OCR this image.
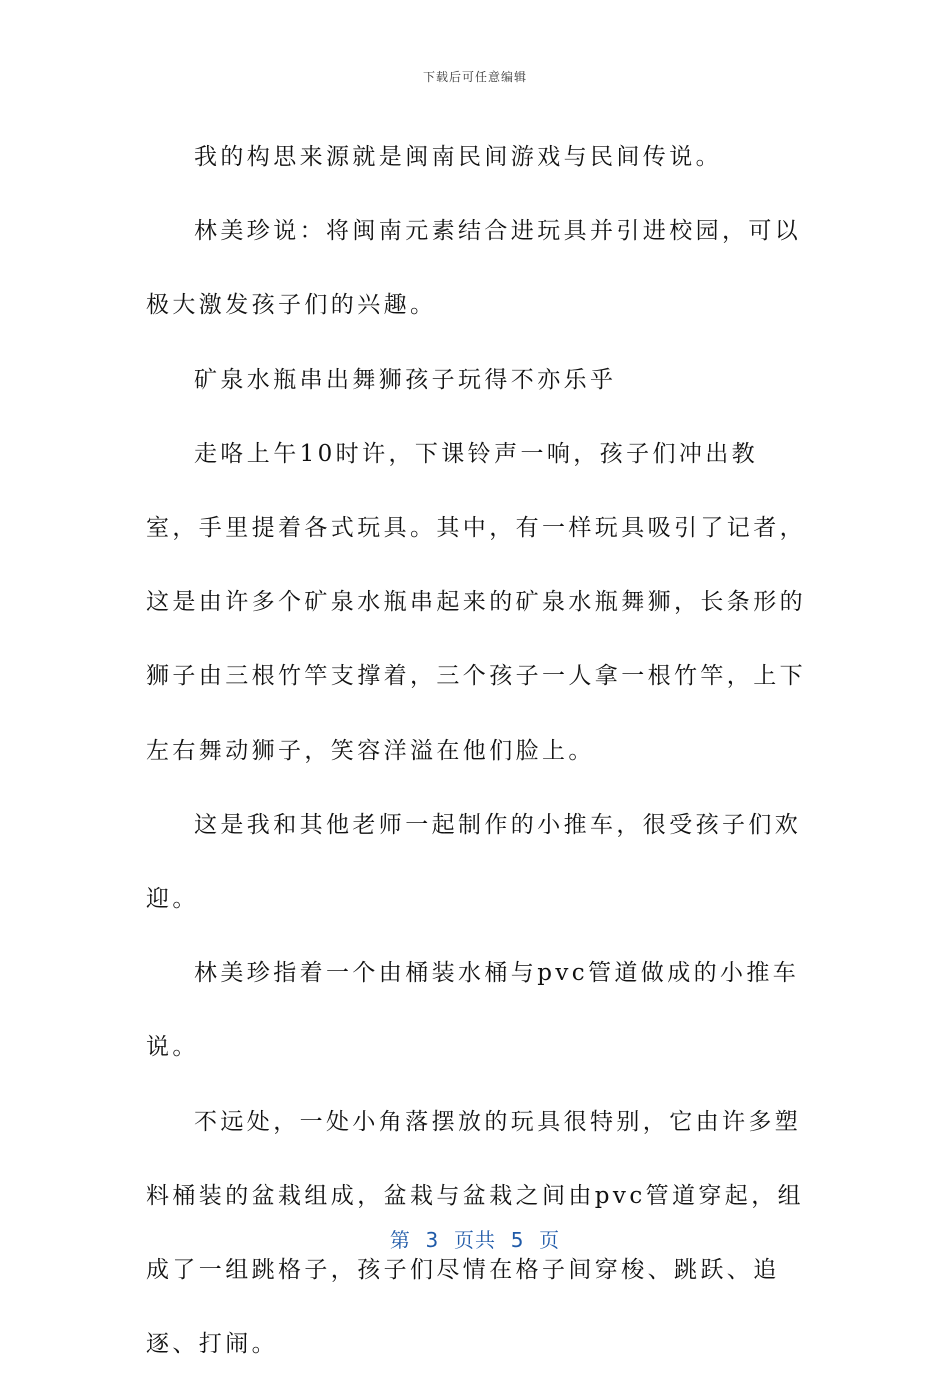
下载后可任意编辑

我的构思来源就是闽南民间游戏与民间传说。

林美珍说：将闽南元素结合进玩具并引进校园，可以极大激发孩子们的兴趣。

矿泉水瓶串出舞狮孩子玩得不亦乐乎

走咯上午10时许，下课铃声一响，孩子们冲出教室，手里提着各式玩具。其中，有一样玩具吸引了记者，这是由许多个矿泉水瓶串起来的矿泉水瓶舞狮，长条形的狮子由三根竹竿支撑着，三个孩子一人拿一根竹竿，上下左右舞动狮子，笑容洋溢在他们脸上。

这是我和其他老师一起制作的小推车，很受孩子们欢迎。

林美珍指着一个由桶装水桶与pvc管道做成的小推车说。

不远处，一处小角落摆放的玩具很特别，它由许多塑料桶装的盆栽组成，盆栽与盆栽之间由pvc管道穿起，组成了一组跳格子，孩子们尽情在格子间穿梭、跳跃、追逐、打闹。

第  3  页共  5  页
